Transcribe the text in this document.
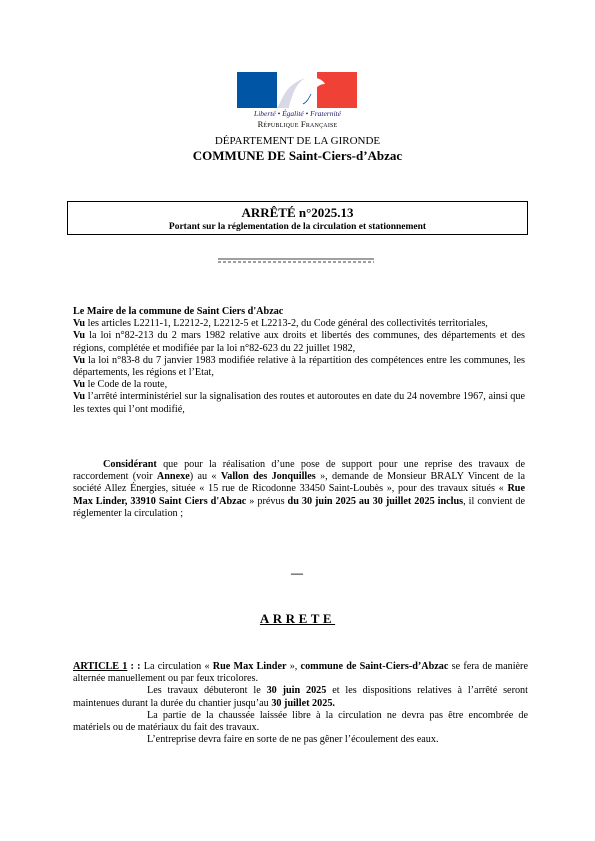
Liberté • Égalité • Fraternité
République Française
DÉPARTEMENT DE LA GIRONDE
COMMUNE DE Saint-Ciers-d’Abzac
ARRÊTÉ n°2025.13
Portant sur la réglementation de la circulation et stationnement

Le Maire de la commune de Saint Ciers d'Abzac

Vu les articles L2211-1, L2212-2, L2212-5 et L2213-2, du Code général des collectivités territoriales,

Vu la loi n°82-213 du 2 mars 1982 relative aux droits et libertés des communes, des départements et des régions, complétée et modifiée par la loi n°82-623 du 22 juillet 1982,

Vu la loi n°83-8 du 7 janvier 1983 modifiée relative à la répartition des compétences entre les communes, les départements, les régions et l’Etat,

Vu le Code de la route,

Vu l’arrêté interministériel sur la signalisation des routes et autoroutes en date du 24 novembre 1967, ainsi que les textes qui l’ont modifié,

Considérant que pour la réalisation d’une pose de support pour une reprise des travaux de raccordement (voir Annexe) au « Vallon des Jonquilles », demande de Monsieur BRALY Vincent de la société Allez Énergies, située « 15 rue de Ricodonne 33450 Saint-Loubès », pour des travaux situés « Rue Max Linder, 33910 Saint Ciers d'Abzac » prévus du 30 juin 2025 au 30 juillet 2025 inclus, il convient de réglementer la circulation ;

—
ARRETE

ARTICLE 1 : : La circulation « Rue Max Linder », commune de Saint-Ciers-d’Abzac se fera de manière alternée manuellement ou par feux tricolores.

Les travaux débuteront le 30 juin 2025 et les dispositions relatives à l’arrêté seront maintenues durant la durée du chantier jusqu’au 30 juillet 2025.

La partie de la chaussée laissée libre à la circulation ne devra pas être encombrée de matériels ou de matériaux du fait des travaux.

L’entreprise devra faire en sorte de ne pas gêner l’écoulement des eaux.
